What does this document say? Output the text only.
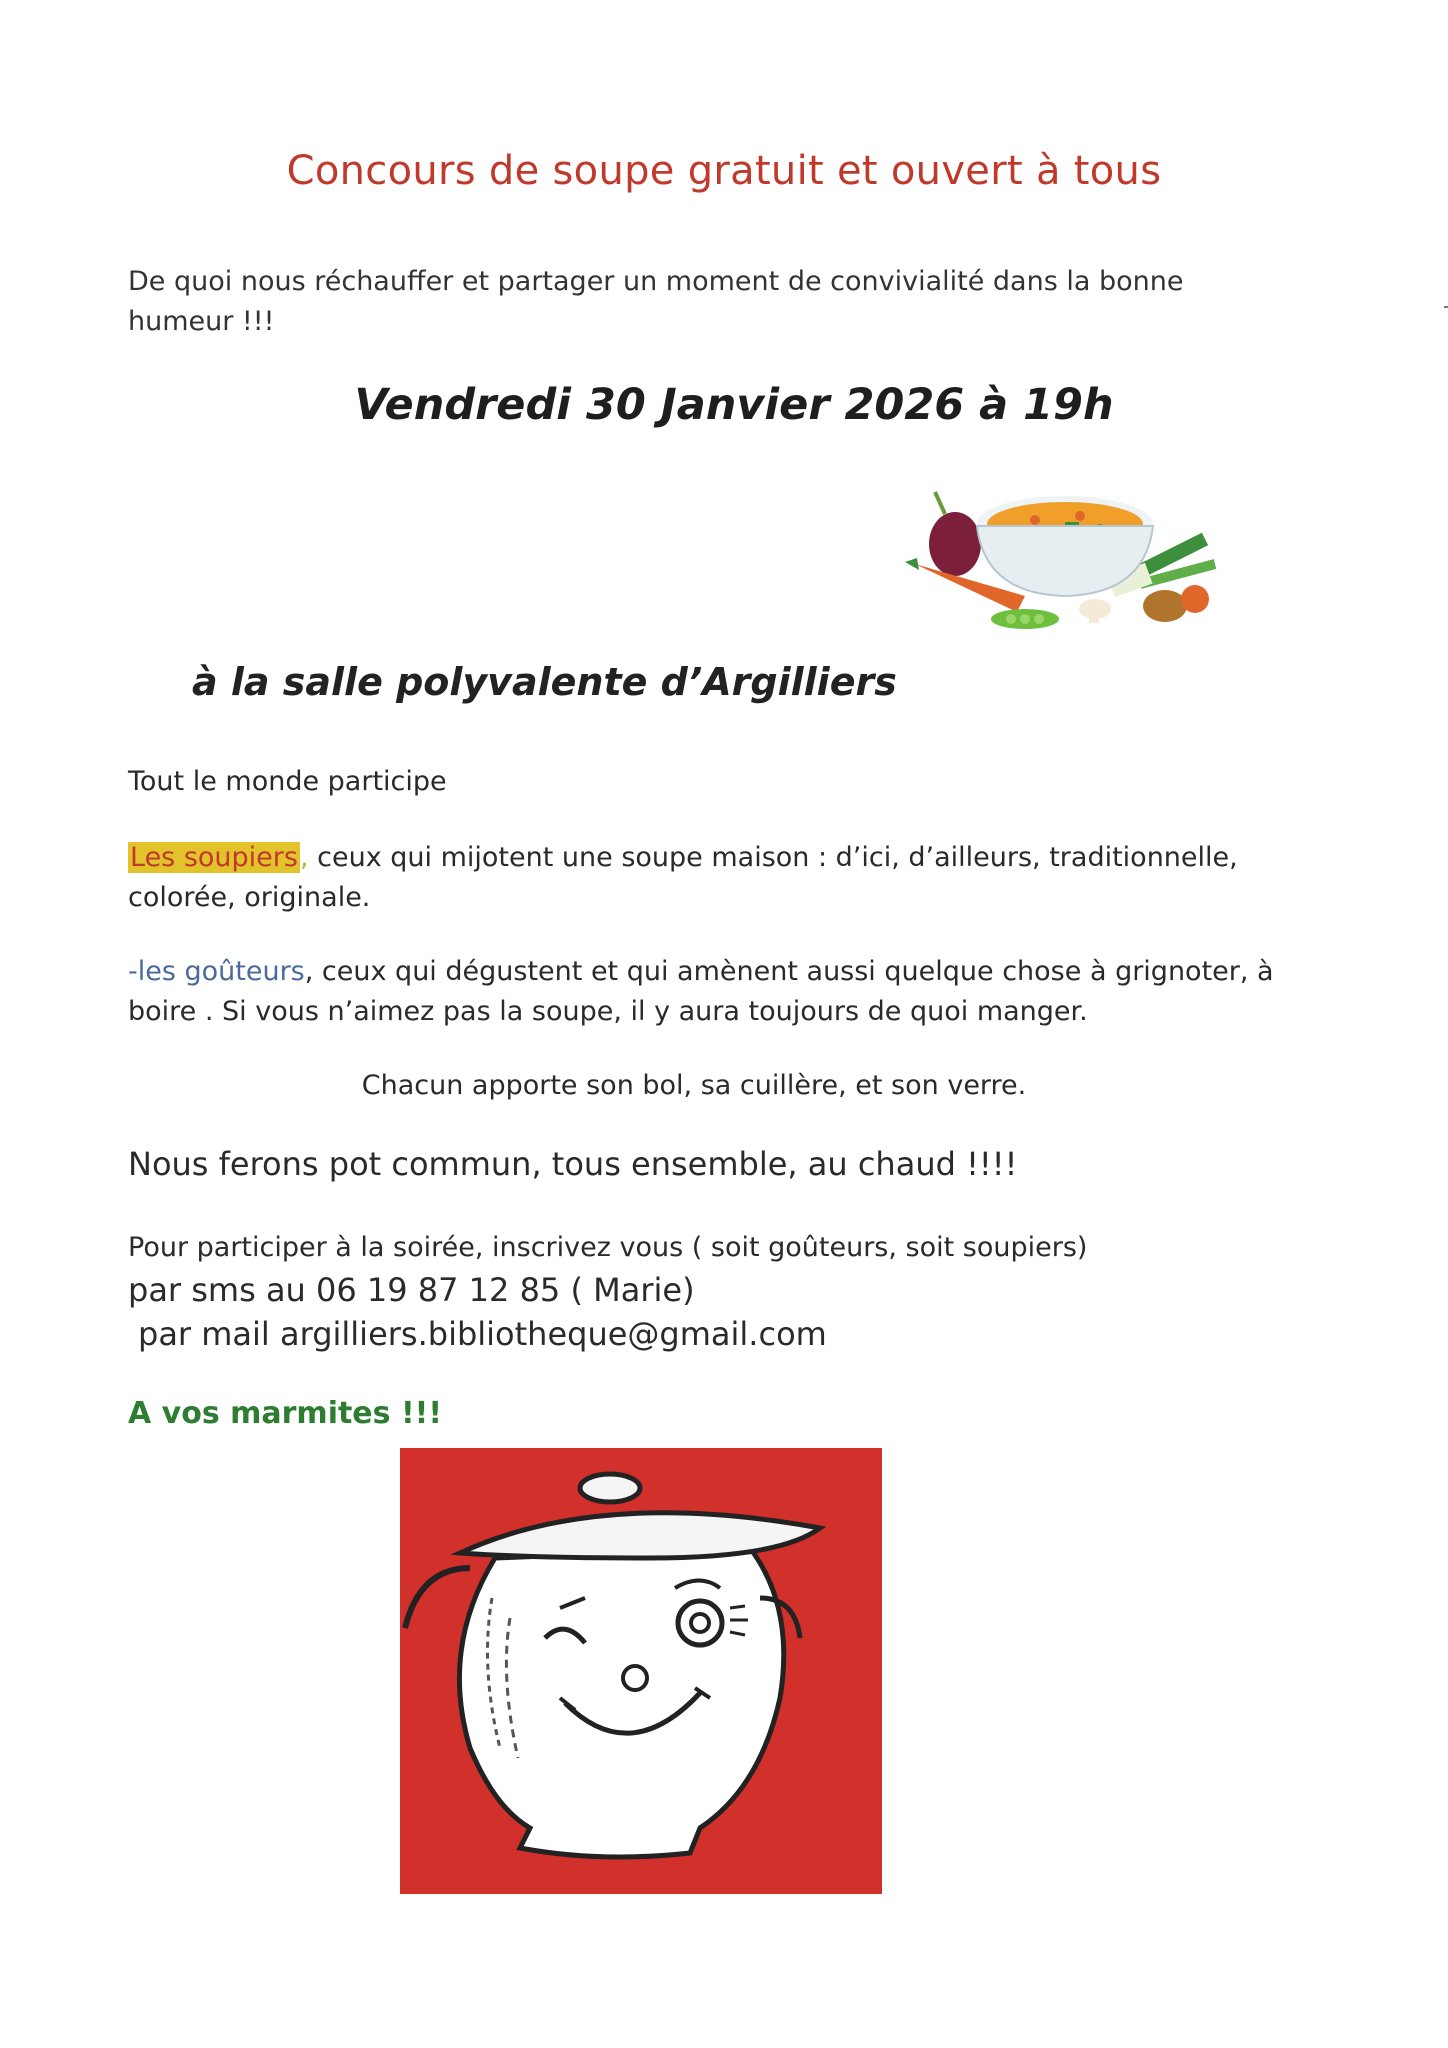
Concours de soupe gratuit et ouvert à tous
De quoi nous réchauffer et partager un moment de convivialité dans la bonne humeur !!!
Vendredi 30 Janvier 2026 à 19h
à la salle polyvalente d’Argilliers
Tout le monde participe
Les soupiers, ceux qui mijotent une soupe maison : d’ici, d’ailleurs, traditionnelle, colorée, originale.
-les goûteurs, ceux qui dégustent et qui amènent aussi quelque chose à grignoter, à boire . Si vous n’aimez pas la soupe, il y aura toujours de quoi manger.
Chacun apporte son bol, sa cuillère, et son verre.
Nous ferons pot commun, tous ensemble, au chaud !!!!
Pour participer à la soirée, inscrivez vous ( soit goûteurs, soit soupiers)
par sms au 06 19 87 12 85 ( Marie)
par mail argilliers.bibliotheque@gmail.com
A vos marmites !!!
